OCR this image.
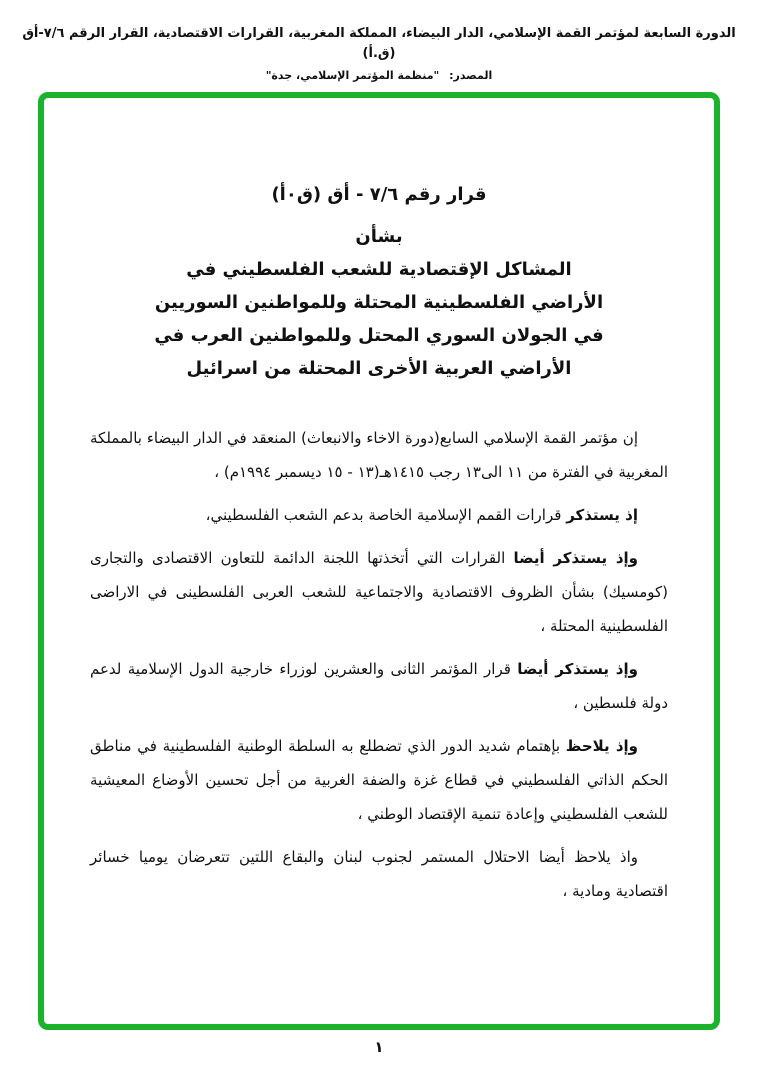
الدورة السابعة لمؤتمر القمة الإسلامي، الدار البيضاء، المملكة المغربية، القرارات الاقتصادية، القرار الرقم ٧/٦-أق (ق.أ)
المصدر: "منظمة المؤتمر الإسلامي، جدة"
قرار رقم ٧/٦ - أق (ق٠أ)
بشأن
المشاكل الإقتصادية للشعب الفلسطيني في
الأراضي الفلسطينية المحتلة وللمواطنين السوريين
في الجولان السوري المحتل وللمواطنين العرب في
الأراضي العربية الأخرى المحتلة من اسرائيل

إن مؤتمر القمة الإسلامي السابع(دورة الاخاء والانبعاث) المنعقد في الدار البيضاء بالمملكة المغربية في الفترة من ١١ الى١٣ رجب ١٤١٥هـ(١٣ - ١٥ ديسمبر ١٩٩٤م) ،

إذ يستذكر قرارات القمم الإسلامية الخاصة بدعم الشعب الفلسطيني،

وإذ يستذكر أيضا القرارات التي أتخذتها اللجنة الدائمة للتعاون الاقتصادى والتجارى (كومسيك) بشأن الظروف الاقتصادية والاجتماعية للشعب العربى الفلسطينى في الاراضى الفلسطينية المحتلة ،

وإذ يستذكر أيضا قرار المؤتمر الثانى والعشرين لوزراء خارجية الدول الإسلامية لدعم دولة فلسطين ،

وإذ يلاحظ بإهتمام شديد الدور الذي تضطلع به السلطة الوطنية الفلسطينية في مناطق الحكم الذاتي الفلسطيني في قطاع غزة والضفة الغربية من أجل تحسين الأوضاع المعيشية للشعب الفلسطيني وإعادة تنمية الإقتصاد الوطني ،

واذ يلاحظ أيضا الاحتلال المستمر لجنوب لبنان والبقاع اللتين تتعرضان يوميا خسائر اقتصادية ومادية ،

١
